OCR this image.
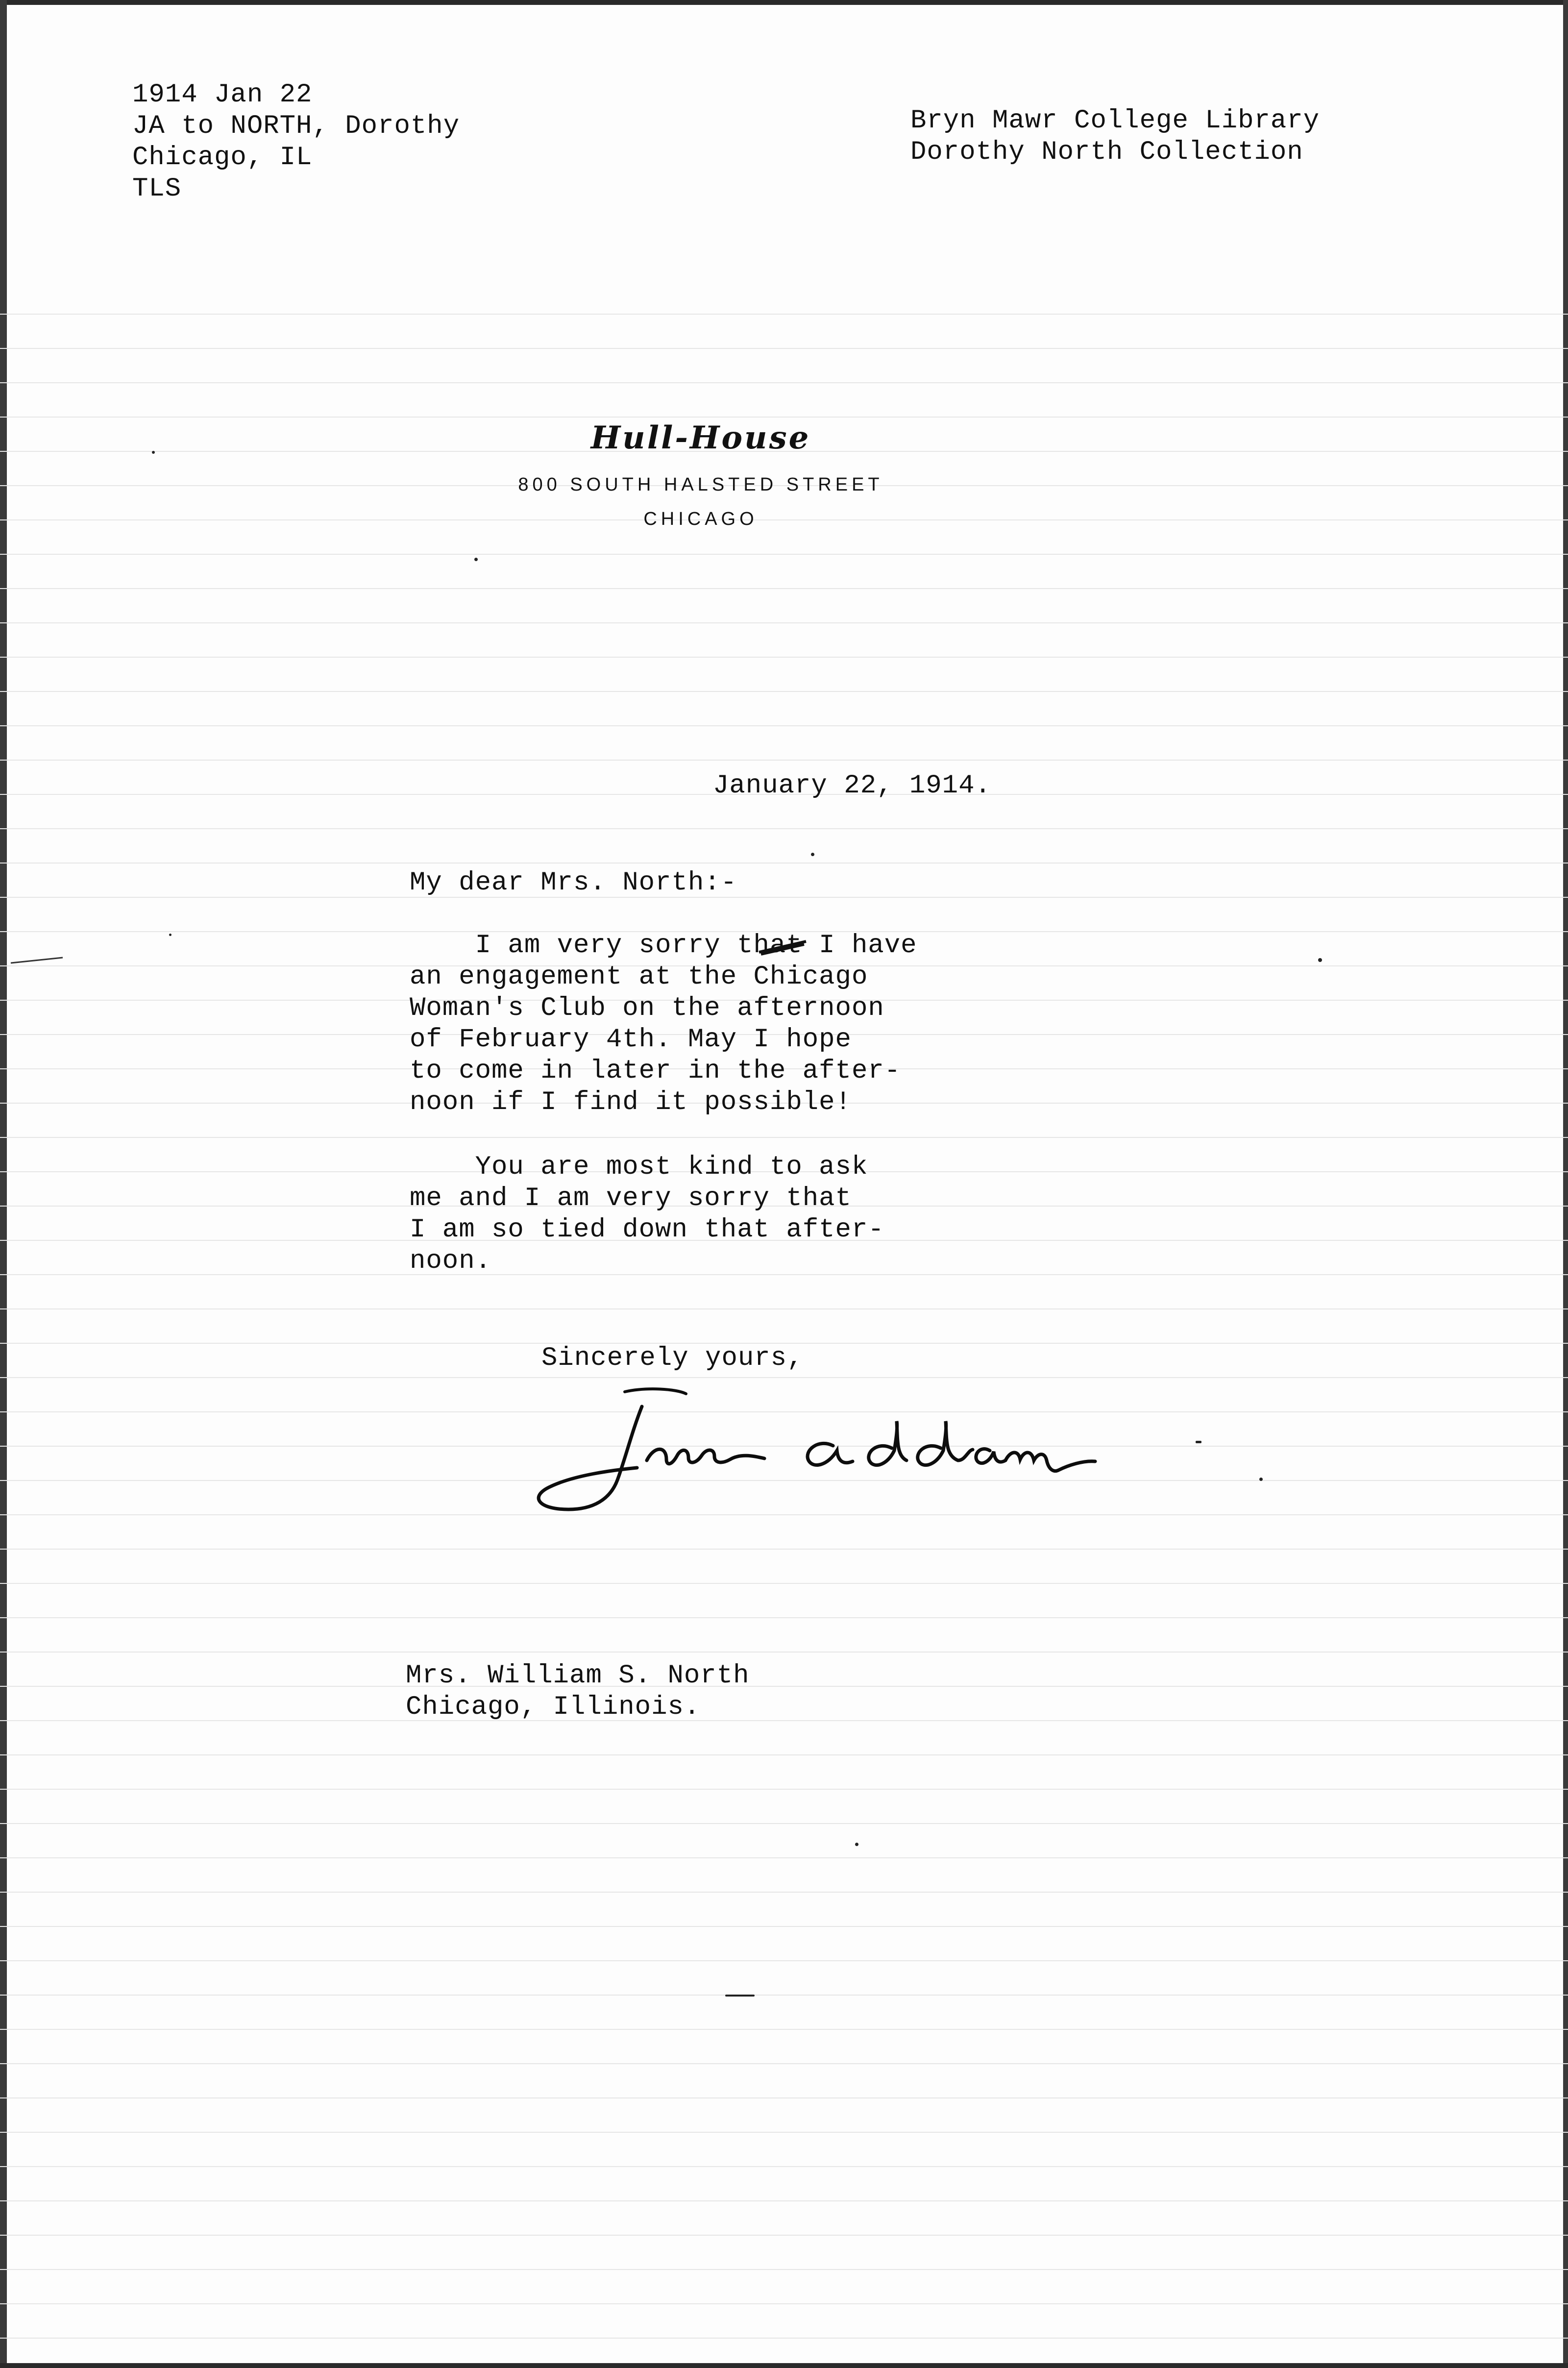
1914 Jan 22
JA to NORTH, Dorothy
Chicago, IL
TLS
Bryn Mawr College Library
Dorothy North Collection
Hull-House
800 SOUTH HALSTED STREET
CHICAGO
January 22, 1914.
My dear Mrs. North:-
I am very sorry that I have
an engagement at the Chicago
Woman's Club on the afternoon
of February 4th. May I hope
to come in later in the after-
noon if I find it possible!
You are most kind to ask
me and I am very sorry that
I am so tied down that after-
noon.
Sincerely yours,
Mrs. William S. North
Chicago, Illinois.
